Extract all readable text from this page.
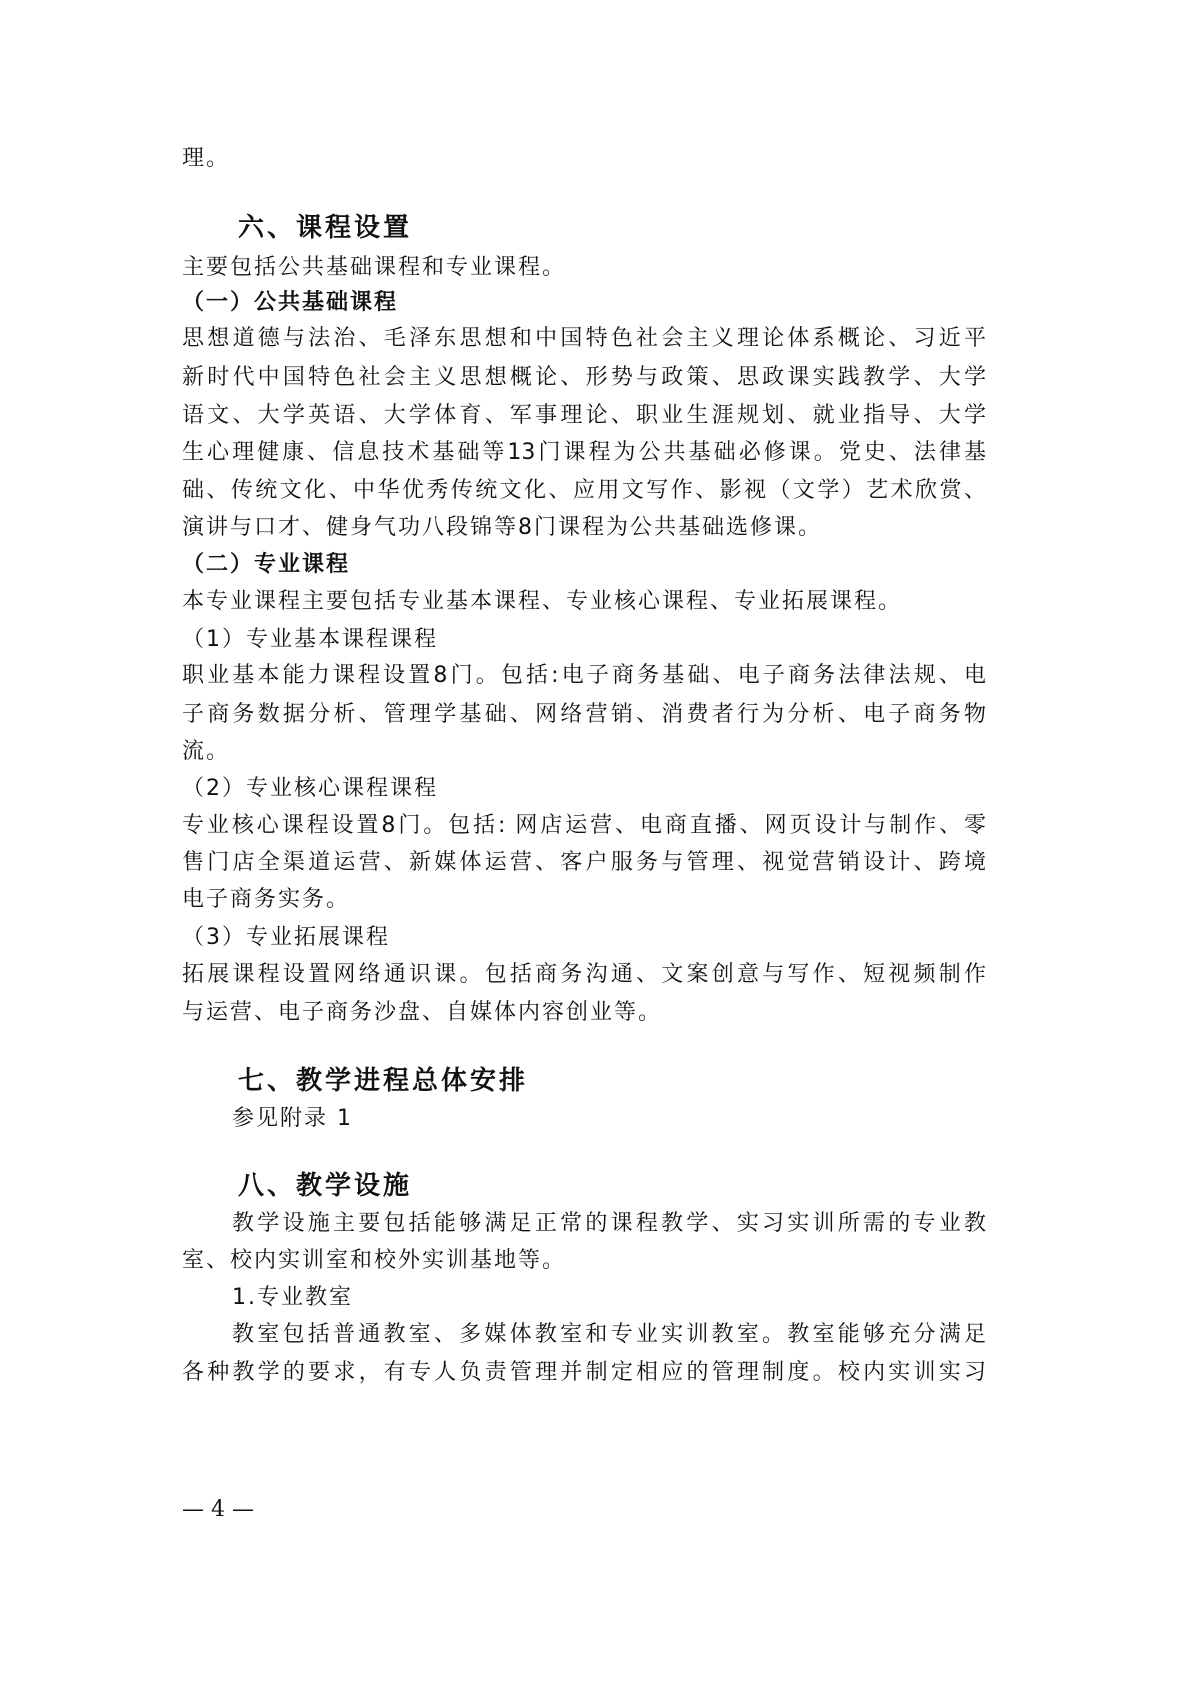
理。

六、课程设置

主要包括公共基础课程和专业课程。

（一）公共基础课程

思想道德与法治、毛泽东思想和中国特色社会主义理论体系概论、习近平

新时代中国特色社会主义思想概论、形势与政策、思政课实践教学、大学

语文、大学英语、大学体育、军事理论、职业生涯规划、就业指导、大学

生心理健康、信息技术基础等13门课程为公共基础必修课。党史、法律基

础、传统文化、中华优秀传统文化、应用文写作、影视（文学）艺术欣赏、

演讲与口才、健身气功八段锦等8门课程为公共基础选修课。

（二）专业课程

本专业课程主要包括专业基本课程、专业核心课程、专业拓展课程。

（1）专业基本课程课程

职业基本能力课程设置8门。包括:电子商务基础、电子商务法律法规、电

子商务数据分析、管理学基础、网络营销、消费者行为分析、电子商务物

流。

（2）专业核心课程课程

专业核心课程设置8门。包括: 网店运营、电商直播、网页设计与制作、零

售门店全渠道运营、新媒体运营、客户服务与管理、视觉营销设计、跨境

电子商务实务。

（3）专业拓展课程

拓展课程设置网络通识课。包括商务沟通、文案创意与写作、短视频制作

与运营、电子商务沙盘、自媒体内容创业等。

七、教学进程总体安排

参见附录 1

八、教学设施

教学设施主要包括能够满足正常的课程教学、实习实训所需的专业教

室、校内实训室和校外实训基地等。

1.专业教室

教室包括普通教室、多媒体教室和专业实训教室。教室能够充分满足

各种教学的要求，有专人负责管理并制定相应的管理制度。校内实训实习

— 4 —
